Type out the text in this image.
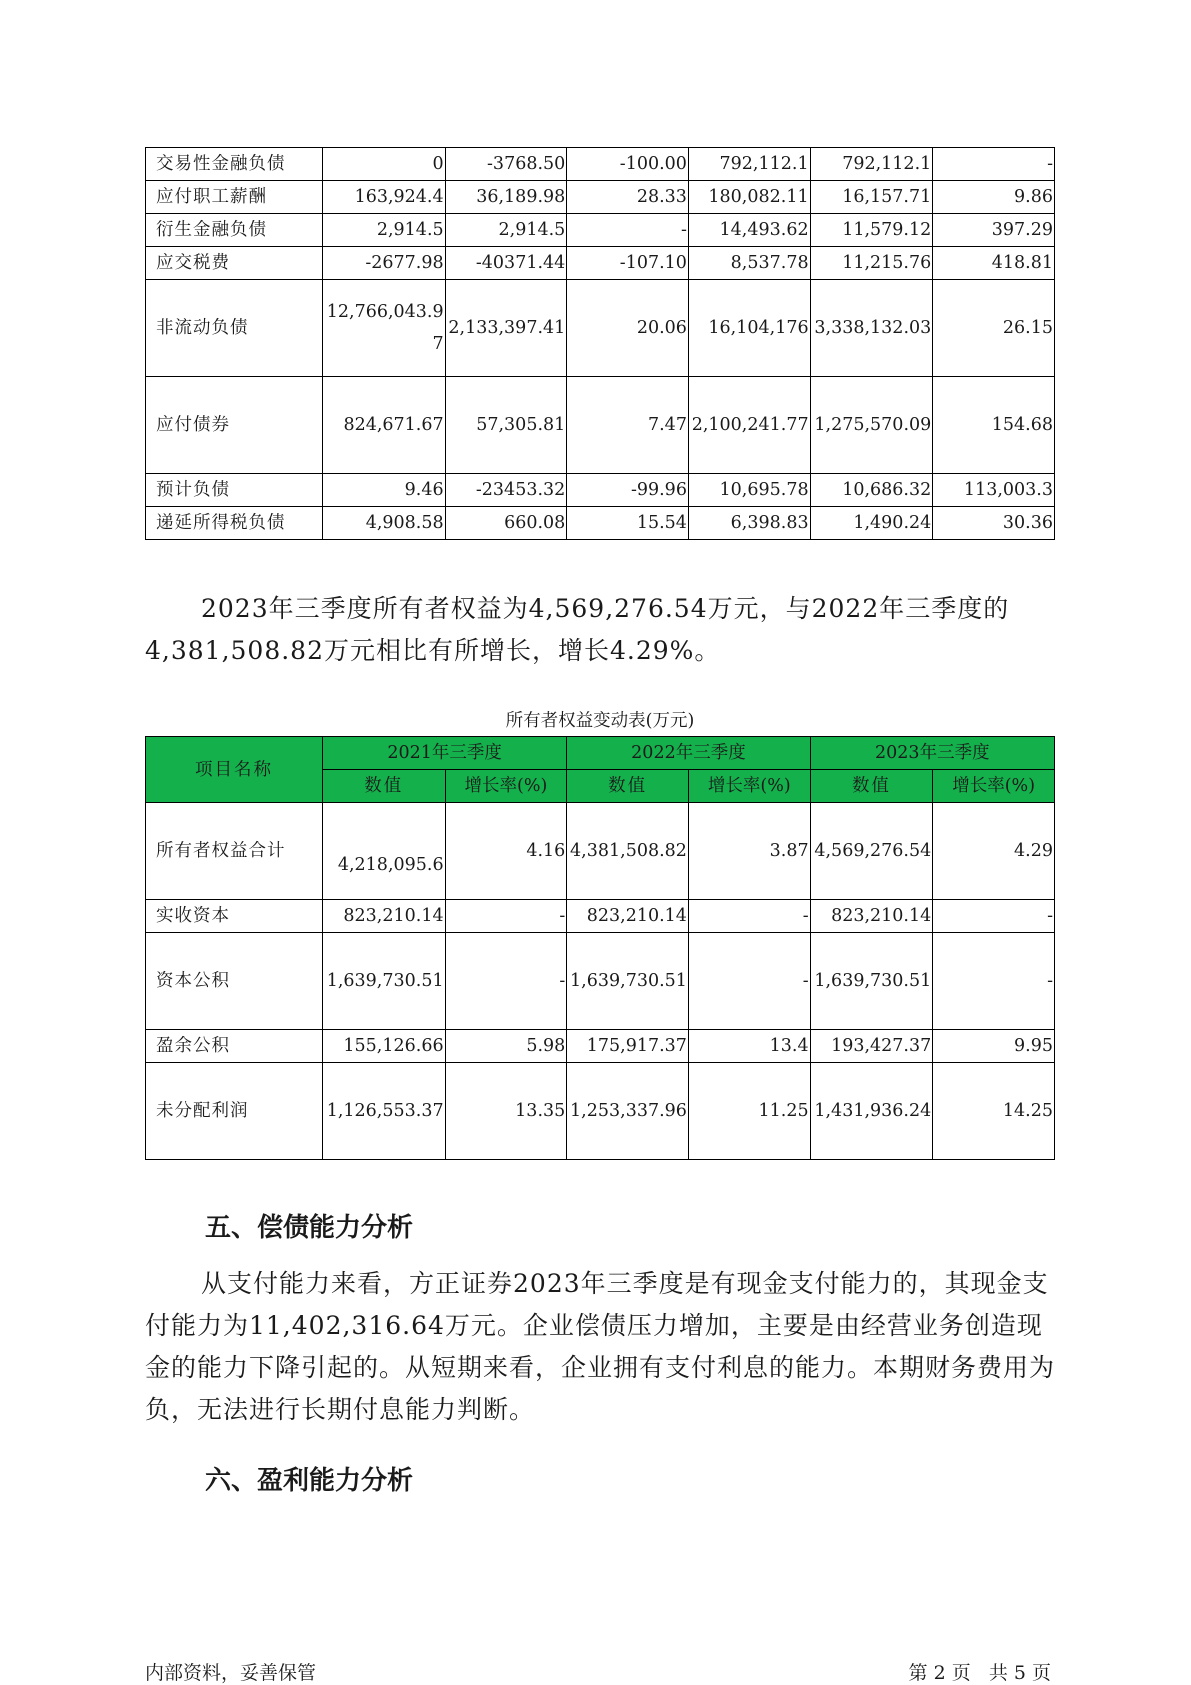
交易性金融负债	0	-3768.50	-100.00	792,112.1	792,112.1	-
应付职工薪酬	163,924.4	36,189.98	28.33	180,082.11	16,157.71	9.86
衍生金融负债	2,914.5	2,914.5	-	14,493.62	11,579.12	397.29
应交税费	-2677.98	-40371.44	-107.10	8,537.78	11,215.76	418.81
非流动负债	12,766,043.97	2,133,397.41	20.06	16,104,176	3,338,132.03	26.15
应付债券	824,671.67	57,305.81	7.47	2,100,241.77	1,275,570.09	154.68
预计负债	9.46	-23453.32	-99.96	10,695.78	10,686.32	113,003.3
递延所得税负债	4,908.58	660.08	15.54	6,398.83	1,490.24	30.36

2023年三季度所有者权益为4,569,276.54万元，与2022年三季度的4,381,508.82万元相比有所增长，增长4.29%。

所有者权益变动表(万元)

项目名称	2021年三季度		2022年三季度		2023年三季度	
	数值	增长率(%)	数值	增长率(%)	数值	增长率(%)
所有者权益合计	4,218,095.6	4.16	4,381,508.82	3.87	4,569,276.54	4.29
实收资本	823,210.14	-	823,210.14	-	823,210.14	-
资本公积	1,639,730.51	-	1,639,730.51	-	1,639,730.51	-
盈余公积	155,126.66	5.98	175,917.37	13.4	193,427.37	9.95
未分配利润	1,126,553.37	13.35	1,253,337.96	11.25	1,431,936.24	14.25
五、偿债能力分析

从支付能力来看，方正证券2023年三季度是有现金支付能力的，其现金支付能力为11,402,316.64万元。企业偿债压力增加，主要是由经营业务创造现金的能力下降引起的。从短期来看，企业拥有支付利息的能力。本期财务费用为负，无法进行长期付息能力判断。

六、盈利能力分析
内部资料，妥善保管	第 2 页   共 5 页
